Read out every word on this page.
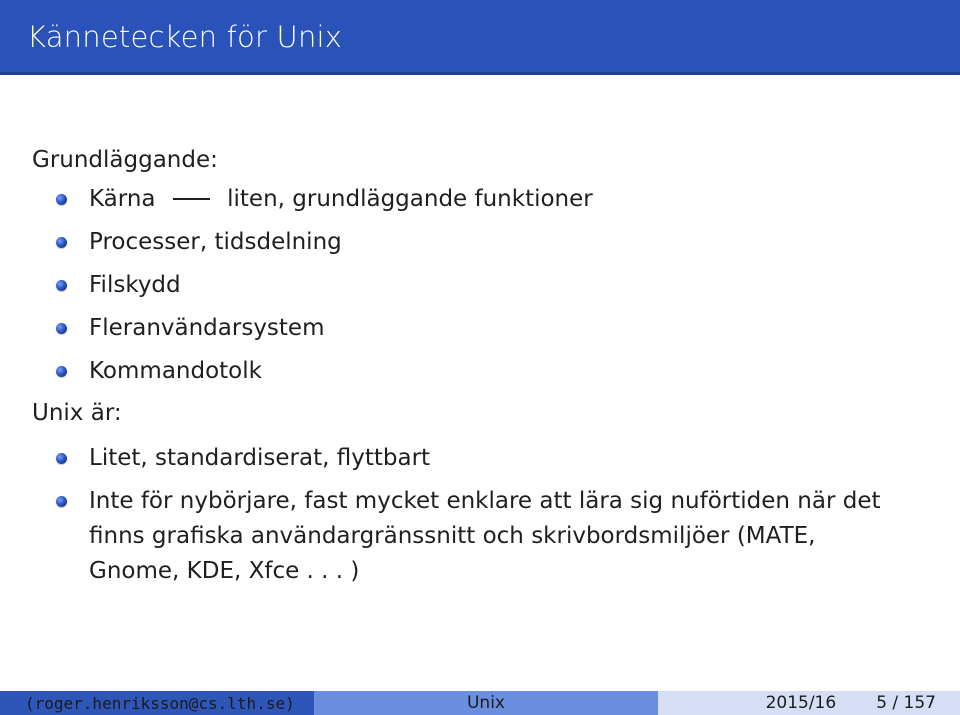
Kännetecken för Unix
Grundläggande:
Kärna	liten, grundläggande funktioner
Processer, tidsdelning
Filskydd
Fleranvändarsystem
Kommandotolk
Unix är:
Litet, standardiserat, flyttbart
Inte för nybörjare, fast mycket enklare att lära sig nuförtiden när det finns grafiska användargränssnitt och skrivbordsmiljöer (MATE, Gnome, KDE, Xfce . . . )
(roger.henriksson@cs.lth.se)	Unix	2015/16 5 / 157
